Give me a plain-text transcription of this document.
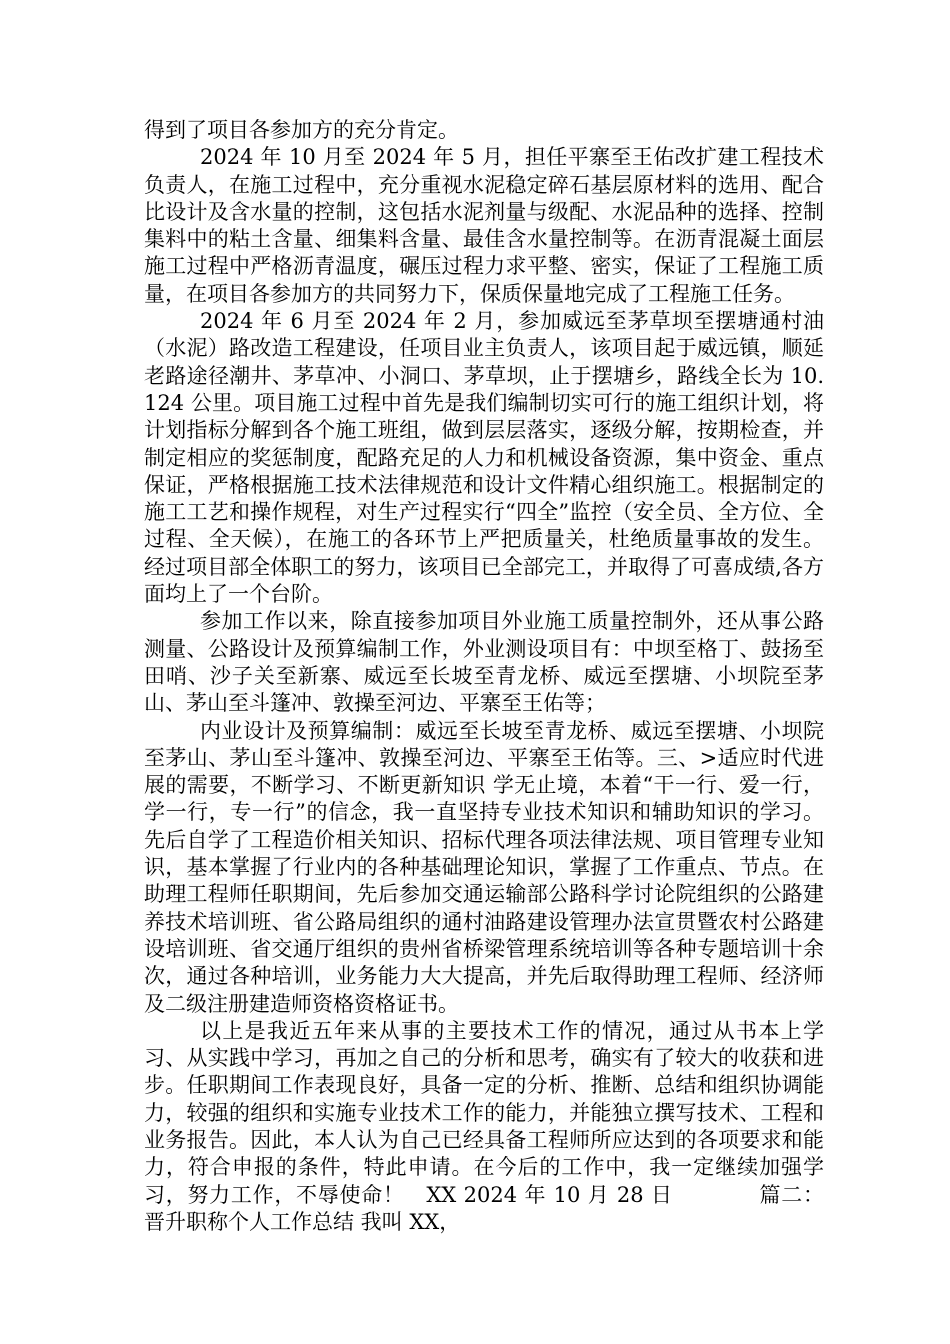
得到了项目各参加方的充分肯定。

2024 年 10 月至 2024 年 5 月，担任平寨至王佑改扩建工程技术负责人，在施工过程中，充分重视水泥稳定碎石基层原材料的选用、配合比设计及含水量的控制，这包括水泥剂量与级配、水泥品种的选择、控制集料中的粘土含量、细集料含量、最佳含水量控制等。在沥青混凝土面层施工过程中严格沥青温度，碾压过程力求平整、密实，保证了工程施工质量，在项目各参加方的共同努力下，保质保量地完成了工程施工任务。

2024 年 6 月至 2024 年 2 月，参加威远至茅草坝至摆塘通村油（水泥）路改造工程建设，任项目业主负责人，该项目起于威远镇，顺延老路途径潮井、茅草冲、小洞口、茅草坝，止于摆塘乡，路线全长为 10.124 公里。项目施工过程中首先是我们编制切实可行的施工组织计划，将计划指标分解到各个施工班组，做到层层落实，逐级分解，按期检查，并制定相应的奖惩制度，配路充足的人力和机械设备资源，集中资金、重点保证，严格根据施工技术法律规范和设计文件精心组织施工。根据制定的施工工艺和操作规程，对生产过程实行“四全”监控（安全员、全方位、全过程、全天候），在施工的各环节上严把质量关，杜绝质量事故的发生。经过项目部全体职工的努力，该项目已全部完工，并取得了可喜成绩,各方面均上了一个台阶。

参加工作以来，除直接参加项目外业施工质量控制外，还从事公路测量、公路设计及预算编制工作，外业测设项目有：中坝至格丁、鼓扬至田哨、沙子关至新寨、威远至长坡至青龙桥、威远至摆塘、小坝院至茅山、茅山至斗篷冲、敦操至河边、平寨至王佑等；

内业设计及预算编制：威远至长坡至青龙桥、威远至摆塘、小坝院至茅山、茅山至斗篷冲、敦操至河边、平寨至王佑等。三、>适应时代进展的需要，不断学习、不断更新知识 学无止境，本着“干一行、爱一行，学一行，专一行”的信念，我一直坚持专业技术知识和辅助知识的学习。先后自学了工程造价相关知识、招标代理各项法律法规、项目管理专业知识，基本掌握了行业内的各种基础理论知识，掌握了工作重点、节点。在助理工程师任职期间，先后参加交通运输部公路科学讨论院组织的公路建养技术培训班、省公路局组织的通村油路建设管理办法宣贯暨农村公路建设培训班、省交通厅组织的贵州省桥梁管理系统培训等各种专题培训十余次，通过各种培训，业务能力大大提高，并先后取得助理工程师、经济师及二级注册建造师资格资格证书。

以上是我近五年来从事的主要技术工作的情况，通过从书本上学习、从实践中学习，再加之自己的分析和思考，确实有了较大的收获和进步。任职期间工作表现良好，具备一定的分析、推断、总结和组织协调能力，较强的组织和实施专业技术工作的能力，并能独立撰写技术、工程和业务报告。因此，本人认为自己已经具备工程师所应达到的各项要求和能力，符合申报的条件，特此申请。在今后的工作中，我一定继续加强学习，努力工作，不辱使命！　XX 2024 年 10 月 28 日　　　　篇二：晋升职称个人工作总结 我叫 XX，
